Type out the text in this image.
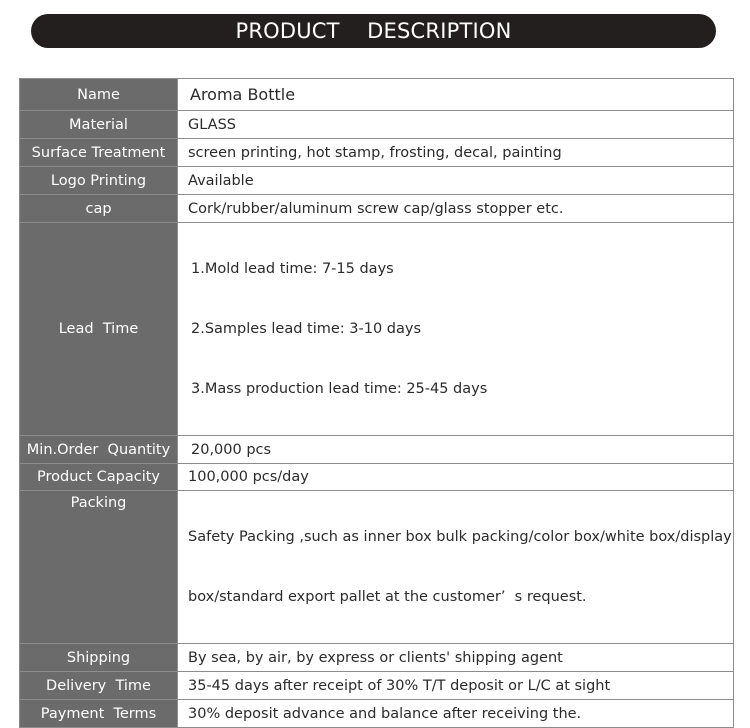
PRODUCT    DESCRIPTION
Name	Aroma Bottle
Material	GLASS
Surface Treatment	screen printing, hot stamp, frosting, decal, painting
Logo Printing	Available
cap	Cork/rubber/aluminum screw cap/glass stopper etc.
Lead  Time	1.Mold lead time: 7-15 days

2.Samples lead time: 3-10 days

3.Mass production lead time: 25-45 days

Min.Order  Quantity	20,000 pcs
Product Capacity	100,000 pcs/day
Packing	Safety Packing ,such as inner box bulk packing/color box/white box/display

box/standard export pallet at the customer’  s request.

Shipping	By sea, by air, by express or clients' shipping agent
Delivery  Time	35-45 days after receipt of 30% T/T deposit or L/C at sight
Payment  Terms	30% deposit advance and balance after receiving the.
